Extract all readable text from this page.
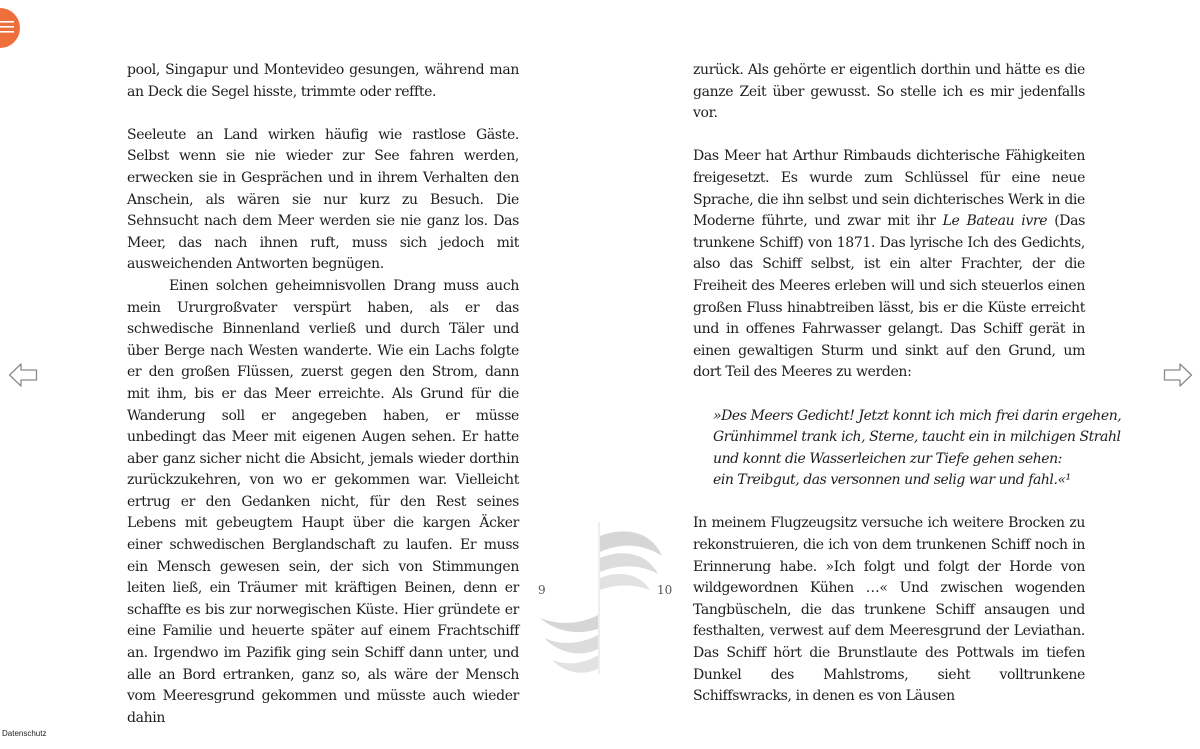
pool, Singapur und Montevideo gesungen, während man an Deck die Segel hisste, trimmte oder reffte.

Seeleute an Land wirken häufig wie rastlose Gäste. Selbst wenn sie nie wieder zur See fahren werden, erwecken sie in Gesprächen und in ihrem Verhalten den Anschein, als wären sie nur kurz zu Besuch. Die Sehnsucht nach dem Meer werden sie nie ganz los. Das Meer, das nach ihnen ruft, muss sich jedoch mit ausweichenden Antworten begnügen.

Einen solchen geheimnisvollen Drang muss auch mein Ururgroßvater verspürt haben, als er das schwedische Binnenland verließ und durch Täler und über Berge nach Westen wanderte. Wie ein Lachs folgte er den großen Flüssen, zuerst gegen den Strom, dann mit ihm, bis er das Meer erreichte. Als Grund für die Wanderung soll er angegeben haben, er müsse unbedingt das Meer mit eigenen Augen sehen. Er hatte aber ganz sicher nicht die Absicht, jemals wieder dorthin zurückzukehren, von wo er gekommen war. Vielleicht ertrug er den Gedanken nicht, für den Rest seines Lebens mit gebeugtem Haupt über die kargen Äcker einer schwedischen Berglandschaft zu laufen. Er muss ein Mensch gewesen sein, der sich von Stimmungen leiten ließ, ein Träumer mit kräftigen Beinen, denn er schaffte es bis zur norwegischen Küste. Hier gründete er eine Familie und heuerte später auf einem Frachtschiff an. Irgendwo im Pazifik ging sein Schiff dann unter, und alle an Bord ertranken, ganz so, als wäre der Mensch vom Meeresgrund gekommen und müsste auch wieder dahin

9	10

zurück. Als gehörte er eigentlich dorthin und hätte es die ganze Zeit über gewusst. So stelle ich es mir jedenfalls vor.

Das Meer hat Arthur Rimbauds dichterische Fähigkeiten freigesetzt. Es wurde zum Schlüssel für eine neue Sprache, die ihn selbst und sein dichterisches Werk in die Moderne führte, und zwar mit ihr Le Bateau ivre (Das trunkene Schiff) von 1871. Das lyrische Ich des Gedichts, also das Schiff selbst, ist ein alter Frachter, der die Freiheit des Meeres erleben will und sich steuerlos einen großen Fluss hinabtreiben lässt, bis er die Küste erreicht und in offenes Fahrwasser gelangt. Das Schiff gerät in einen gewaltigen Sturm und sinkt auf den Grund, um dort Teil des Meeres zu werden:

»Des Meers Gedicht! Jetzt konnt ich mich frei darin ergehen,
Grünhimmel trank ich, Sterne, taucht ein in milchigen Strahl
und konnt die Wasserleichen zur Tiefe gehen sehen:
ein Treibgut, das versonnen und selig war und fahl.«¹

In meinem Flugzeugsitz versuche ich weitere Brocken zu rekonstruieren, die ich von dem trunkenen Schiff noch in Erinnerung habe. »Ich folgt und folgt der Horde von wildgewordnen Kühen …« Und zwischen wogenden Tangbüscheln, die das trunkene Schiff ansaugen und festhalten, verwest auf dem Meeresgrund der Leviathan. Das Schiff hört die Brunstlaute des Pottwals im tiefen Dunkel des Mahlstroms, sieht volltrunkene Schiffswracks, in denen es von Läusen

Datenschutz
